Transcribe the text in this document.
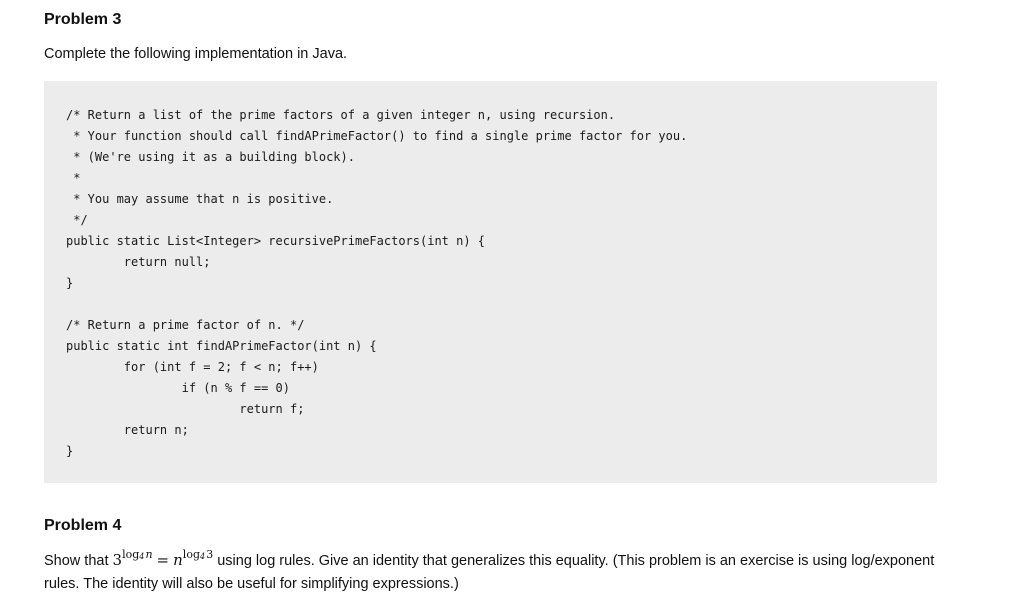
Problem 3

Complete the following implementation in Java.

/* Return a list of the prime factors of a given integer n, using recursion.
* Your function should call findAPrimeFactor() to find a single prime factor for you.
* (We're using it as a building block).
*
* You may assume that n is positive.
*/
public static List<Integer> recursivePrimeFactors(int n) {
return null;
}

/* Return a prime factor of n. */
public static int findAPrimeFactor(int n) {
for (int f = 2; f < n; f++)
if (n % f == 0)
return f;
return n;
}
Problem 4

Show that $3^{log_4 n} = n^{log_4 3}$ using log rules. Give an identity that generalizes this equality. (This problem is an exercise is using log/exponent rules. The identity will also be useful for simplifying expressions.)
